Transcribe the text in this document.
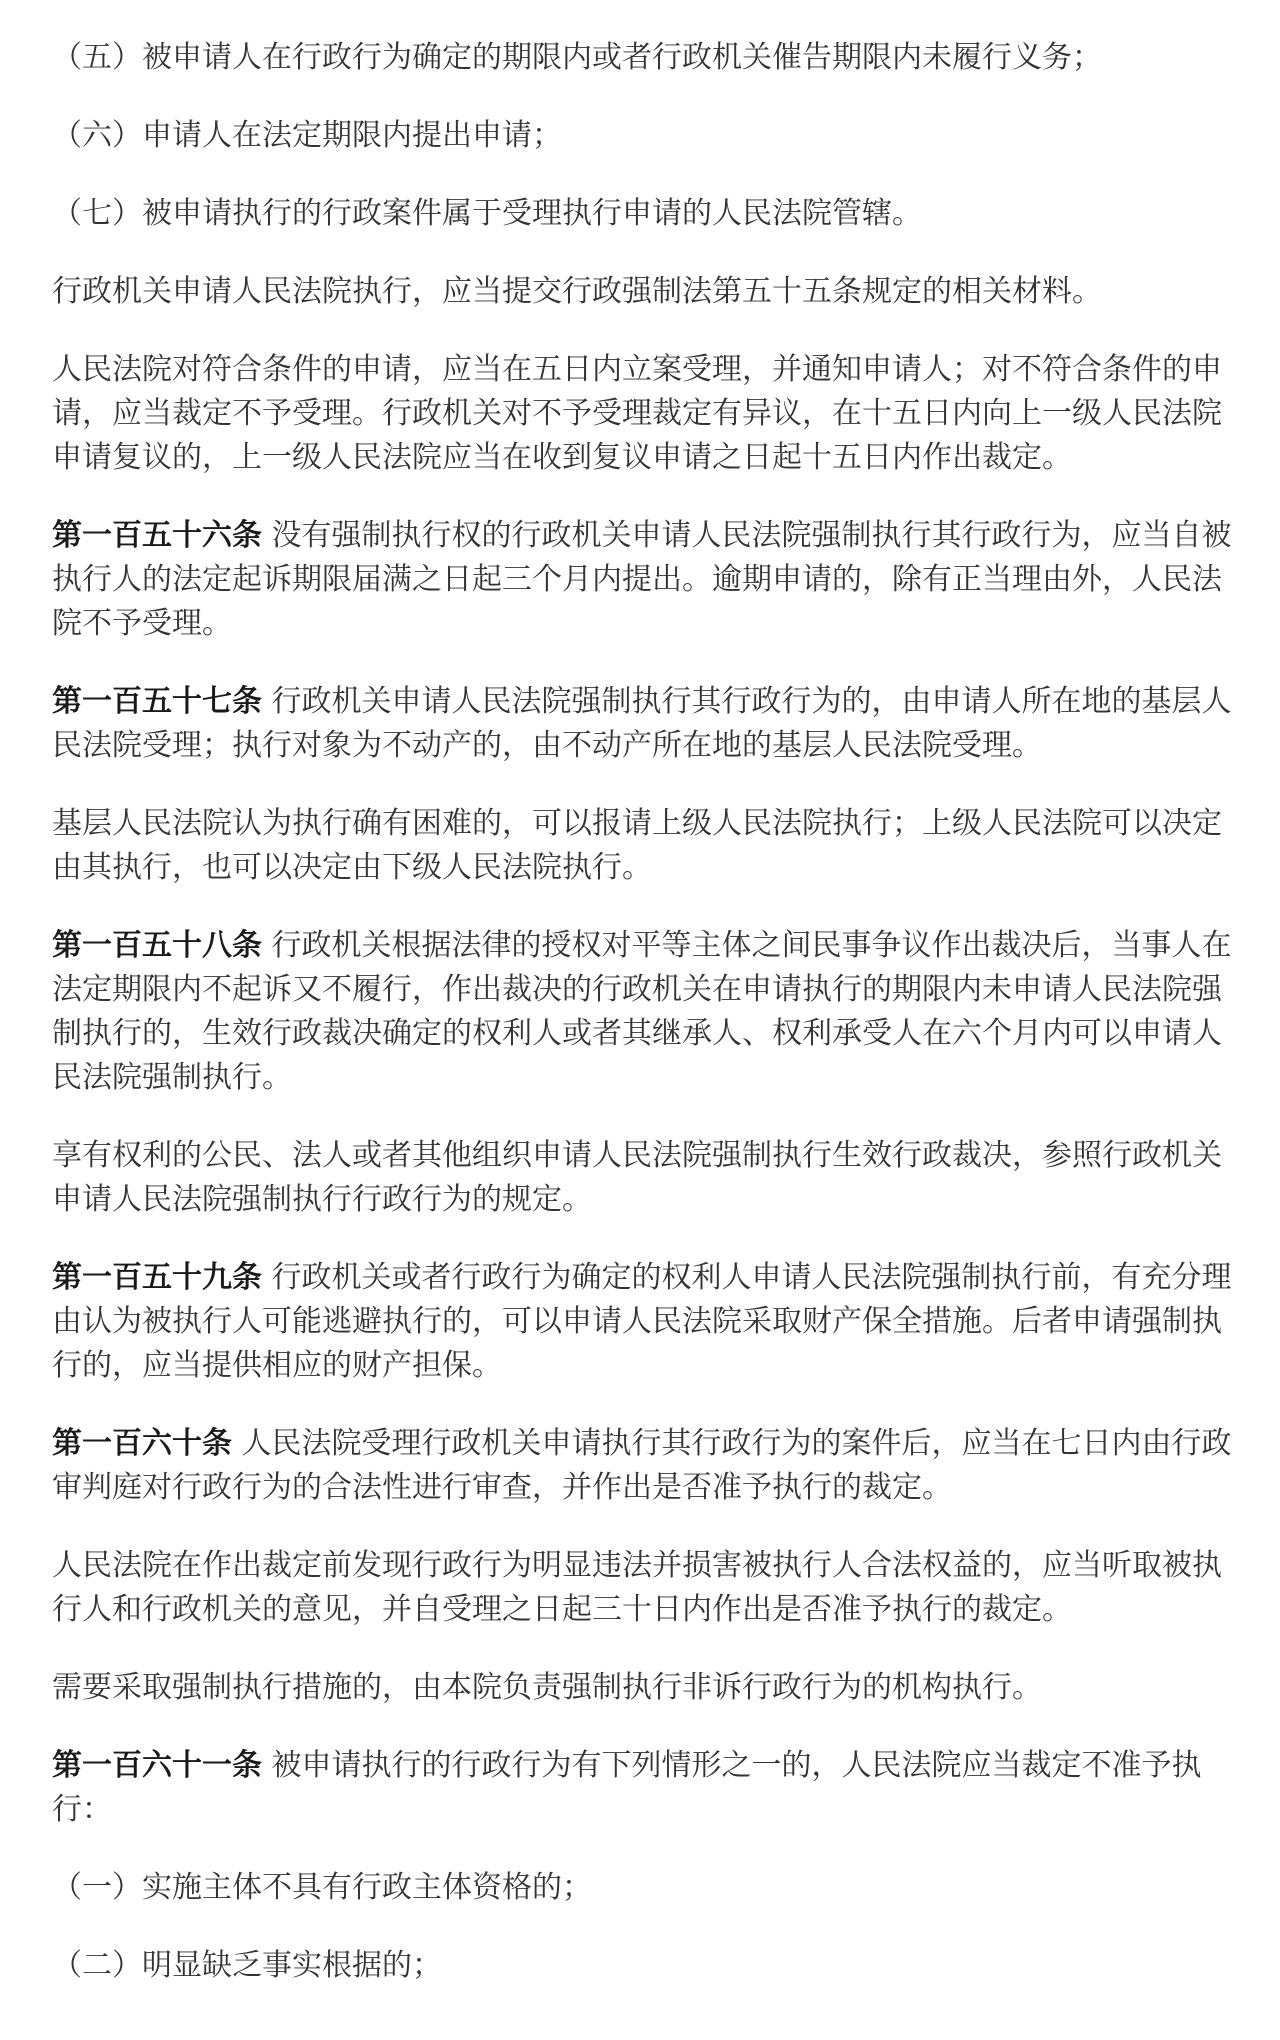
（五）被申请人在行政行为确定的期限内或者行政机关催告期限内未履行义务；

（六）申请人在法定期限内提出申请；

（七）被申请执行的行政案件属于受理执行申请的人民法院管辖。

行政机关申请人民法院执行，应当提交行政强制法第五十五条规定的相关材料。

人民法院对符合条件的申请，应当在五日内立案受理，并通知申请人；对不符合条件的申请，应当裁定不予受理。行政机关对不予受理裁定有异议，在十五日内向上一级人民法院申请复议的，上一级人民法院应当在收到复议申请之日起十五日内作出裁定。

第一百五十六条 没有强制执行权的行政机关申请人民法院强制执行其行政行为，应当自被执行人的法定起诉期限届满之日起三个月内提出。逾期申请的，除有正当理由外，人民法院不予受理。

第一百五十七条 行政机关申请人民法院强制执行其行政行为的，由申请人所在地的基层人民法院受理；执行对象为不动产的，由不动产所在地的基层人民法院受理。

基层人民法院认为执行确有困难的，可以报请上级人民法院执行；上级人民法院可以决定由其执行，也可以决定由下级人民法院执行。

第一百五十八条 行政机关根据法律的授权对平等主体之间民事争议作出裁决后，当事人在法定期限内不起诉又不履行，作出裁决的行政机关在申请执行的期限内未申请人民法院强制执行的，生效行政裁决确定的权利人或者其继承人、权利承受人在六个月内可以申请人民法院强制执行。

享有权利的公民、法人或者其他组织申请人民法院强制执行生效行政裁决，参照行政机关申请人民法院强制执行行政行为的规定。

第一百五十九条 行政机关或者行政行为确定的权利人申请人民法院强制执行前，有充分理由认为被执行人可能逃避执行的，可以申请人民法院采取财产保全措施。后者申请强制执行的，应当提供相应的财产担保。

第一百六十条 人民法院受理行政机关申请执行其行政行为的案件后，应当在七日内由行政审判庭对行政行为的合法性进行审查，并作出是否准予执行的裁定。

人民法院在作出裁定前发现行政行为明显违法并损害被执行人合法权益的，应当听取被执行人和行政机关的意见，并自受理之日起三十日内作出是否准予执行的裁定。

需要采取强制执行措施的，由本院负责强制执行非诉行政行为的机构执行。

第一百六十一条 被申请执行的行政行为有下列情形之一的，人民法院应当裁定不准予执行：

（一）实施主体不具有行政主体资格的；

（二）明显缺乏事实根据的；
